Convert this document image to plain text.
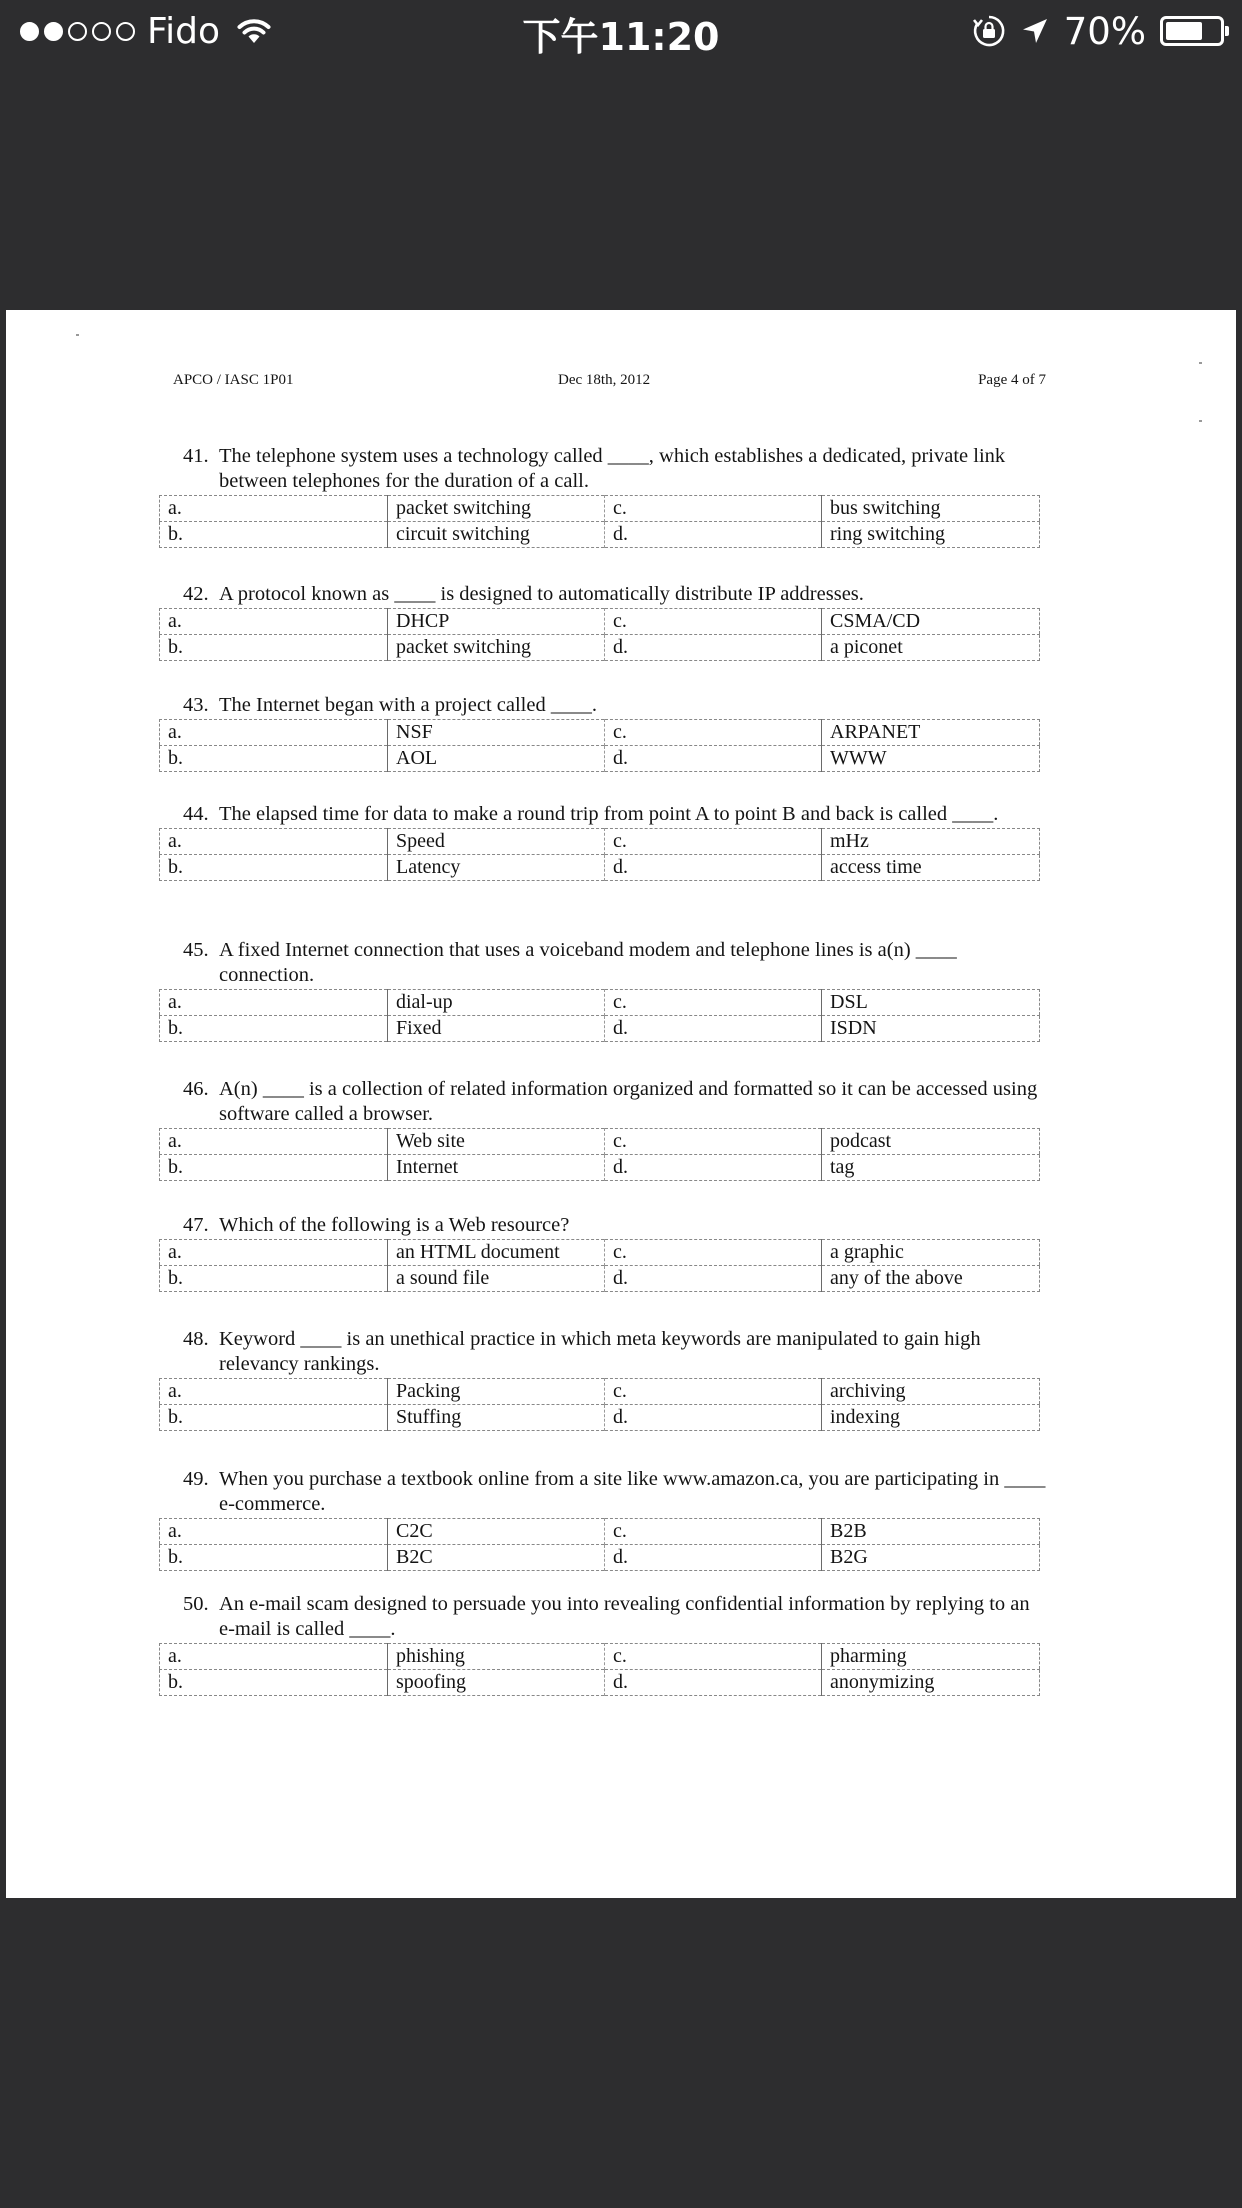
Fido	下午11:20	70%
APCO / IASC 1P01	Dec 18th, 2012	Page 4 of 7
41. The telephone system uses a technology called ____, which establishes a dedicated, private link between telephones for the duration of a call.
a.	packet switching	c.	bus switching
b.	circuit switching	d.	ring switching
42. A protocol known as ____ is designed to automatically distribute IP addresses.
a.	DHCP	c.	CSMA/CD
b.	packet switching	d.	a piconet
43. The Internet began with a project called ____.
a.	NSF	c.	ARPANET
b.	AOL	d.	WWW
44. The elapsed time for data to make a round trip from point A to point B and back is called ____.
a.	Speed	c.	mHz
b.	Latency	d.	access time
45. A fixed Internet connection that uses a voiceband modem and telephone lines is a(n) ____ connection.
a.	dial-up	c.	DSL
b.	Fixed	d.	ISDN
46. A(n) ____ is a collection of related information organized and formatted so it can be accessed using software called a browser.
a.	Web site	c.	podcast
b.	Internet	d.	tag
47. Which of the following is a Web resource?
a.	an HTML document	c.	a graphic
b.	a sound file	d.	any of the above
48. Keyword ____ is an unethical practice in which meta keywords are manipulated to gain high relevancy rankings.
a.	Packing	c.	archiving
b.	Stuffing	d.	indexing
49. When you purchase a textbook online from a site like www.amazon.ca, you are participating in ____ e-commerce.
a.	C2C	c.	B2B
b.	B2C	d.	B2G
50. An e-mail scam designed to persuade you into revealing confidential information by replying to an e-mail is called ____.
a.	phishing	c.	pharming
b.	spoofing	d.	anonymizing
